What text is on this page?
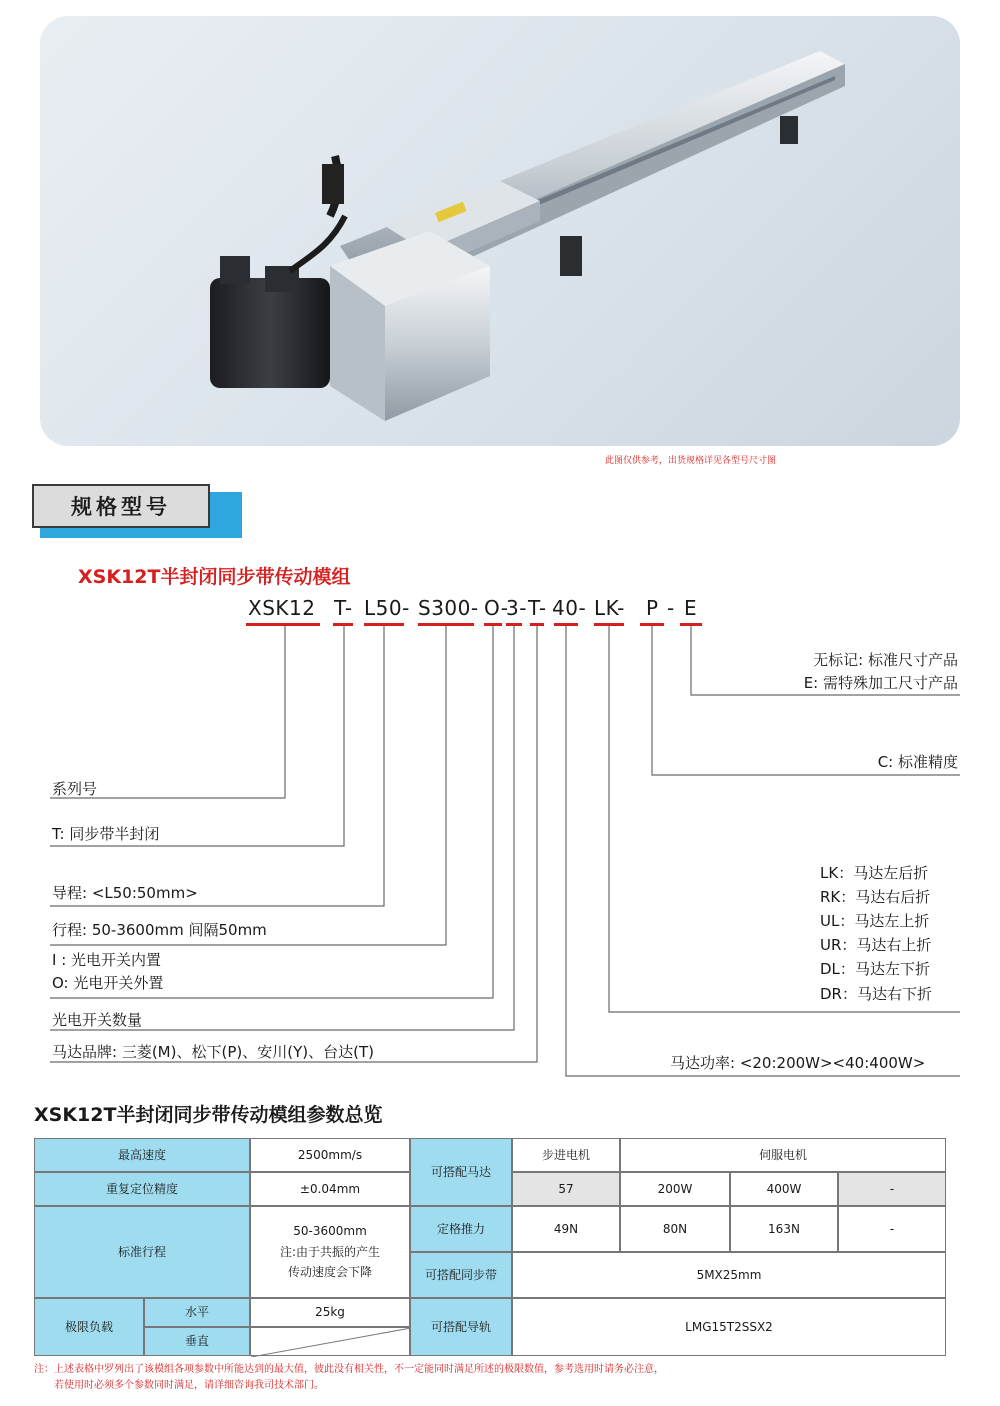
此图仅供参考，出货规格详见各型号尺寸图
规格型号
XSK12T半封闭同步带传动模组
XSK12 T- L50- S300- O-
3- T- 40- LK- P - E
无标记: 标准尺寸产品
E: 需特殊加工尺寸产品
C: 标准精度
LK：马达左后折
RK：马达右后折
UL：马达左上折
UR：马达右上折
DL：马达左下折
DR：马达右下折
马达功率: <20:200W><40:400W>
系列号
T: 同步带半封闭
导程: <L50:50mm>
行程: 50-3600mm 间隔50mm
I : 光电开关内置
O: 光电开关外置
光电开关数量
马达品牌: 三菱(M)、松下(P)、安川(Y)、台达(T)
XSK12T半封闭同步带传动模组参数总览
最高速度	2500mm/s
重复定位精度	±0.04mm
标准行程
50-3600mm
注:由于共振的产生
传动速度会下降
极限负载
水平	25kg
垂直
可搭配马达
步进电机	伺服电机
57	200W	400W	-
定格推力	49N	80N	163N	-
可搭配同步带	5MX25mm
可搭配导轨	LMG15T2SSX2
注：上述表格中罗列出了该模组各项参数中所能达到的最大值，彼此没有相关性，不一定能同时满足所述的极限数值，参考选用时请务必注意，
若使用时必须多个参数同时满足，请详细咨询我司技术部门。
